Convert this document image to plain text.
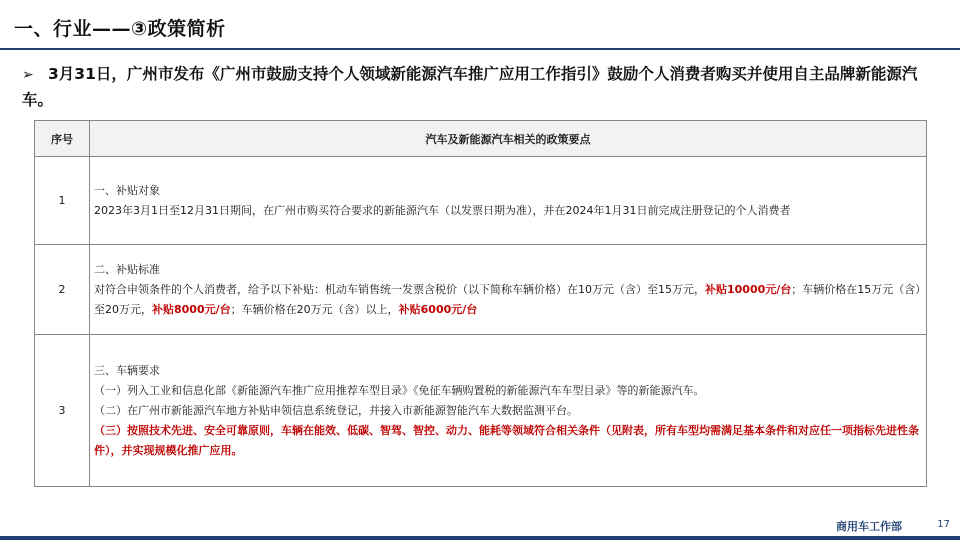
一、行业——③政策简析
➢ 3月31日，广州市发布《广州市鼓励支持个人领域新能源汽车推广应用工作指引》鼓励个人消费者购买并使用自主品牌新能源汽车。
序号	汽车及新能源汽车相关的政策要点
1	一、补贴对象
2023年3月1日至12月31日期间，在广州市购买符合要求的新能源汽车（以发票日期为准），并在2024年1月31日前完成注册登记的个人消费者

2	二、补贴标准
对符合申领条件的个人消费者，给予以下补贴：机动车销售统一发票含税价（以下简称车辆价格）在10万元（含）至15万元，补贴10000元/台；车辆价格在15万元（含）至20万元，补贴8000元/台；车辆价格在20万元（含）以上，补贴6000元/台

3	三、车辆要求
（一）列入工业和信息化部《新能源汽车推广应用推荐车型目录》《免征车辆购置税的新能源汽车车型目录》等的新能源汽车。
（二）在广州市新能源汽车地方补贴申领信息系统登记，并接入市新能源智能汽车大数据监测平台。
（三）按照技术先进、安全可靠原则，车辆在能效、低碳、智驾、智控、动力、能耗等领域符合相关条件（见附表，所有车型均需满足基本条件和对应任一项指标先进性条件），并实现规模化推广应用。
商用车工作部	17
